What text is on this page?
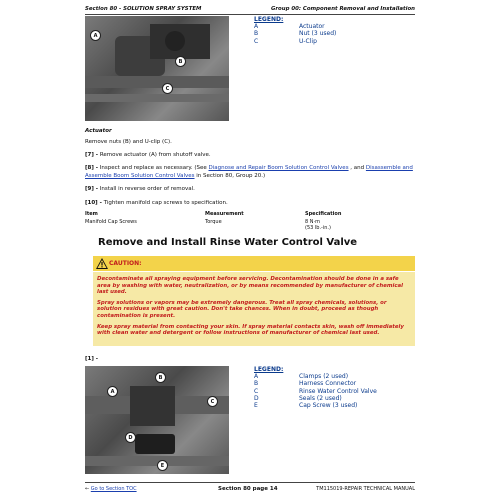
Section 80 - SOLUTION SPRAY SYSTEM	Group 00: Component Removal and Installation
A
B
C
LEGEND:
A	Actuator
B	Nut (3 used)
C	U-Clip
Actuator
Remove nuts (B) and U-clip (C).
[7] - Remove actuator (A) from shutoff valve.
[8] - Inspect and replace as necessary. (See Diagnose and Repair Boom Solution Control Valves , and Disassemble and Assemble Boom Solution Control Valves in Section 80, Group 20.)
[9] - Install in reverse order of removal.
[10] - Tighten manifold cap screws to specification.
Item	Measurement	Specification
Manifold Cap Screws	Torque	8 N·m
(53 lb.-in.)
Remove and Install Rinse Water Control Valve
CAUTION:
Decontaminate all spraying equipment before servicing. Decontamination should be done in a safe area by washing with water, neutralization, or by means recommended by manufacturer of chemical last used.
Spray solutions or vapors may be extremely dangerous. Treat all spray chemicals, solutions, or solution residues with great caution. Don't take chances. When in doubt, proceed as though contamination is present.
Keep spray material from contacting your skin. If spray material contacts skin, wash off immediately with clean water and detergent or follow instructions of manufacturer of chemical last used.
[1] -
A
B
C
D
E
LEGEND:
A	Clamps (2 used)
B	Harness Connector
C	Rinse Water Control Valve
D	Seals (2 used)
E	Cap Screw (3 used)
← Go to Section TOC	Section 80 page 14	TM115019-REPAIR TECHNICAL MANUAL
